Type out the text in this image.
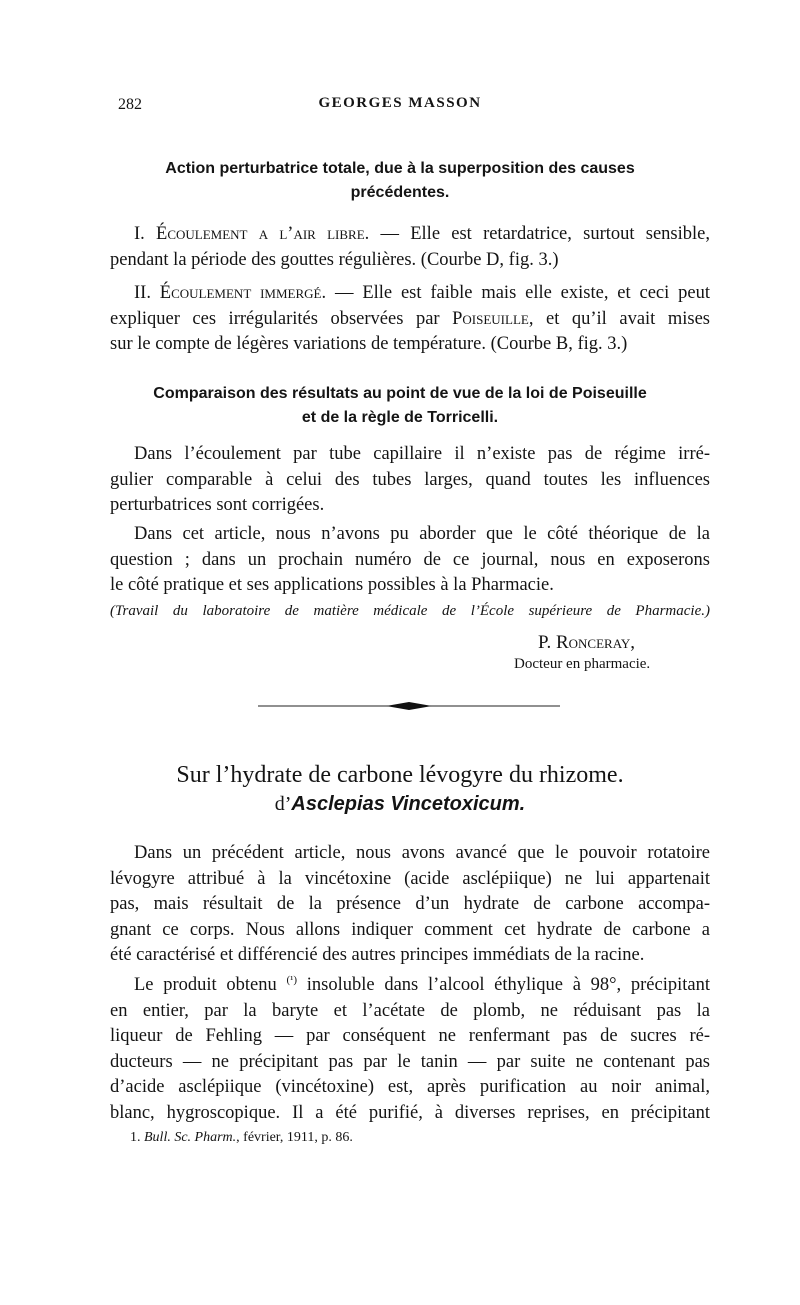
282	GEORGES MASSON
Action perturbatrice totale, due à la superposition des causes
précédentes.
I. Écoulement a l’air libre. — Elle est retardatrice, surtout sensible,
pendant la période des gouttes régulières. (Courbe D, fig. 3.)
II. Écoulement immergé. — Elle est faible mais elle existe, et ceci peut
expliquer ces irrégularités observées par Poiseuille, et qu’il avait mises
sur le compte de légères variations de température. (Courbe B, fig. 3.)
Comparaison des résultats au point de vue de la loi de Poiseuille
et de la règle de Torricelli.
Dans l’écoulement par tube capillaire il n’existe pas de régime irré-
gulier comparable à celui des tubes larges, quand toutes les influences
perturbatrices sont corrigées.
Dans cet article, nous n’avons pu aborder que le côté théorique de la
question ; dans un prochain numéro de ce journal, nous en exposerons
le côté pratique et ses applications possibles à la Pharmacie.
(Travail du laboratoire de matière médicale de l’École supérieure de Pharmacie.)
P. Ronceray,
Docteur en pharmacie.
Sur l’hydrate de carbone lévogyre du rhizome.
d’Asclepias Vincetoxicum.
Dans un précédent article, nous avons avancé que le pouvoir rotatoire
lévogyre attribué à la vincétoxine (acide asclépiique) ne lui appartenait
pas, mais résultait de la présence d’un hydrate de carbone accompa-
gnant ce corps. Nous allons indiquer comment cet hydrate de carbone a
été caractérisé et différencié des autres principes immédiats de la racine.
Le produit obtenu $^{(^1)}$ insoluble dans l’alcool éthylique à 98°, précipitant
en entier, par la baryte et l’acétate de plomb, ne réduisant pas la
liqueur de Fehling — par conséquent ne renfermant pas de sucres ré-
ducteurs — ne précipitant pas par le tanin — par suite ne contenant pas
d’acide asclépiique (vincétoxine) est, après purification au noir animal,
blanc, hygroscopique. Il a été purifié, à diverses reprises, en précipitant
1. Bull. Sc. Pharm., février, 1911, p. 86.
